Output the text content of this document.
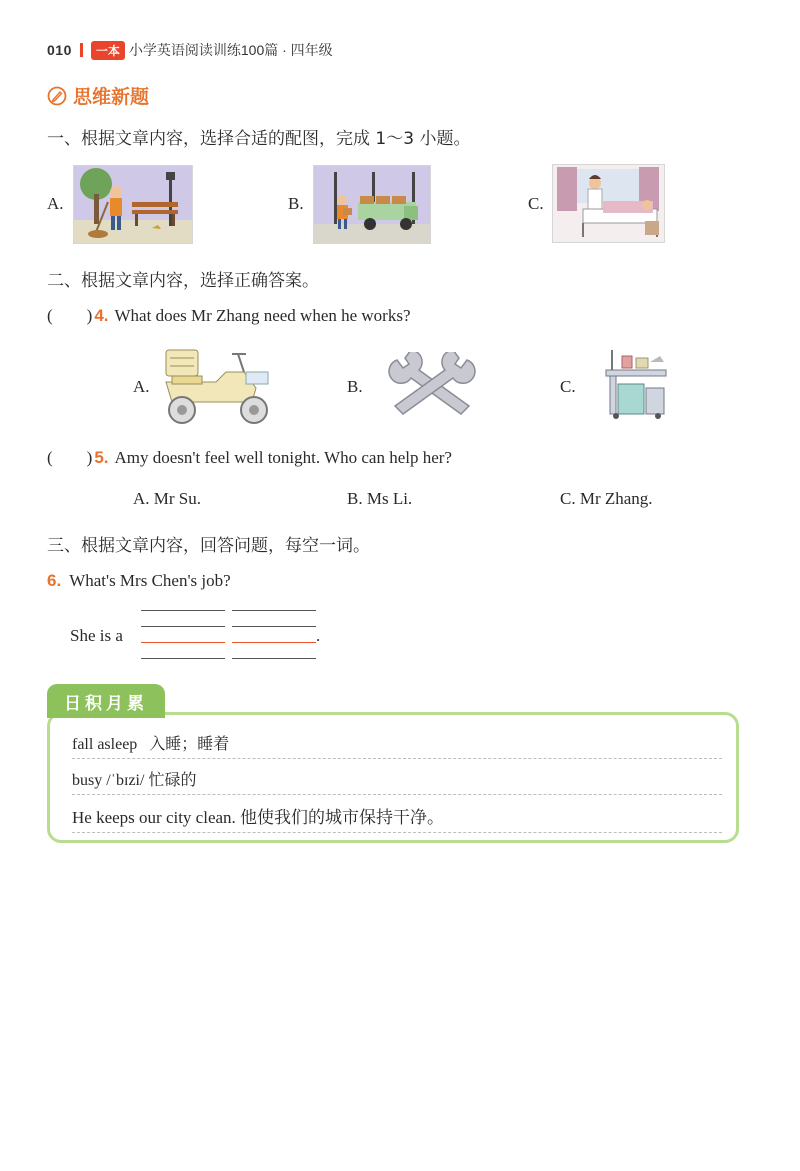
010	一本 小学英语阅读训练100篇 · 四年级
思维新题
一、根据文章内容，选择合适的配图，完成 1～3 小题。
A.	B.	C.
二、根据文章内容，选择正确答案。
(        ) 4. What does Mr Zhang need when he works?
A.	B.	C.
(        ) 5. Amy doesn't feel well tonight. Who can help her?
A. Mr Su.	B. Ms Li.	C. Mr Zhang.
三、根据文章内容，回答问题，每空一词。
6. What's Mrs Chen's job?
She is a	.
日积月累
fall asleep   入睡；睡着
busy /ˈbɪzi/ 忙碌的
He keeps our city clean. 他使我们的城市保持干净。
